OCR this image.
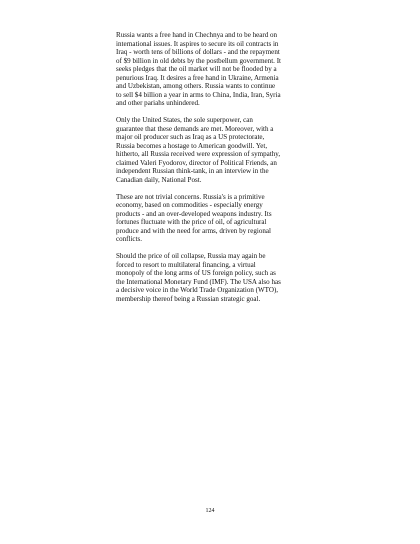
Russia wants a free hand in Chechnya and to be heard on
international issues. It aspires to secure its oil contracts in
Iraq - worth tens of billions of dollars - and the repayment
of $9 billion in old debts by the postbellum government. It
seeks pledges that the oil market will not be flooded by a
penurious Iraq. It desires a free hand in Ukraine, Armenia
and Uzbekistan, among others. Russia wants to continue
to sell $4 billion a year in arms to China, India, Iran, Syria
and other pariahs unhindered.

Only the United States, the sole superpower, can
guarantee that these demands are met. Moreover, with a
major oil producer such as Iraq as a US protectorate,
Russia becomes a hostage to American goodwill. Yet,
hitherto, all Russia received were expression of sympathy,
claimed Valeri Fyodorov, director of Political Friends, an
independent Russian think-tank, in an interview in the
Canadian daily, National Post.

These are not trivial concerns. Russia's is a primitive
economy, based on commodities - especially energy
products - and an over-developed weapons industry. Its
fortunes fluctuate with the price of oil, of agricultural
produce and with the need for arms, driven by regional
conflicts.

Should the price of oil collapse, Russia may again be
forced to resort to multilateral financing, a virtual
monopoly of the long arms of US foreign policy, such as
the International Monetary Fund (IMF). The USA also has
a decisive voice in the World Trade Organization (WTO),
membership thereof being a Russian strategic goal.

124
